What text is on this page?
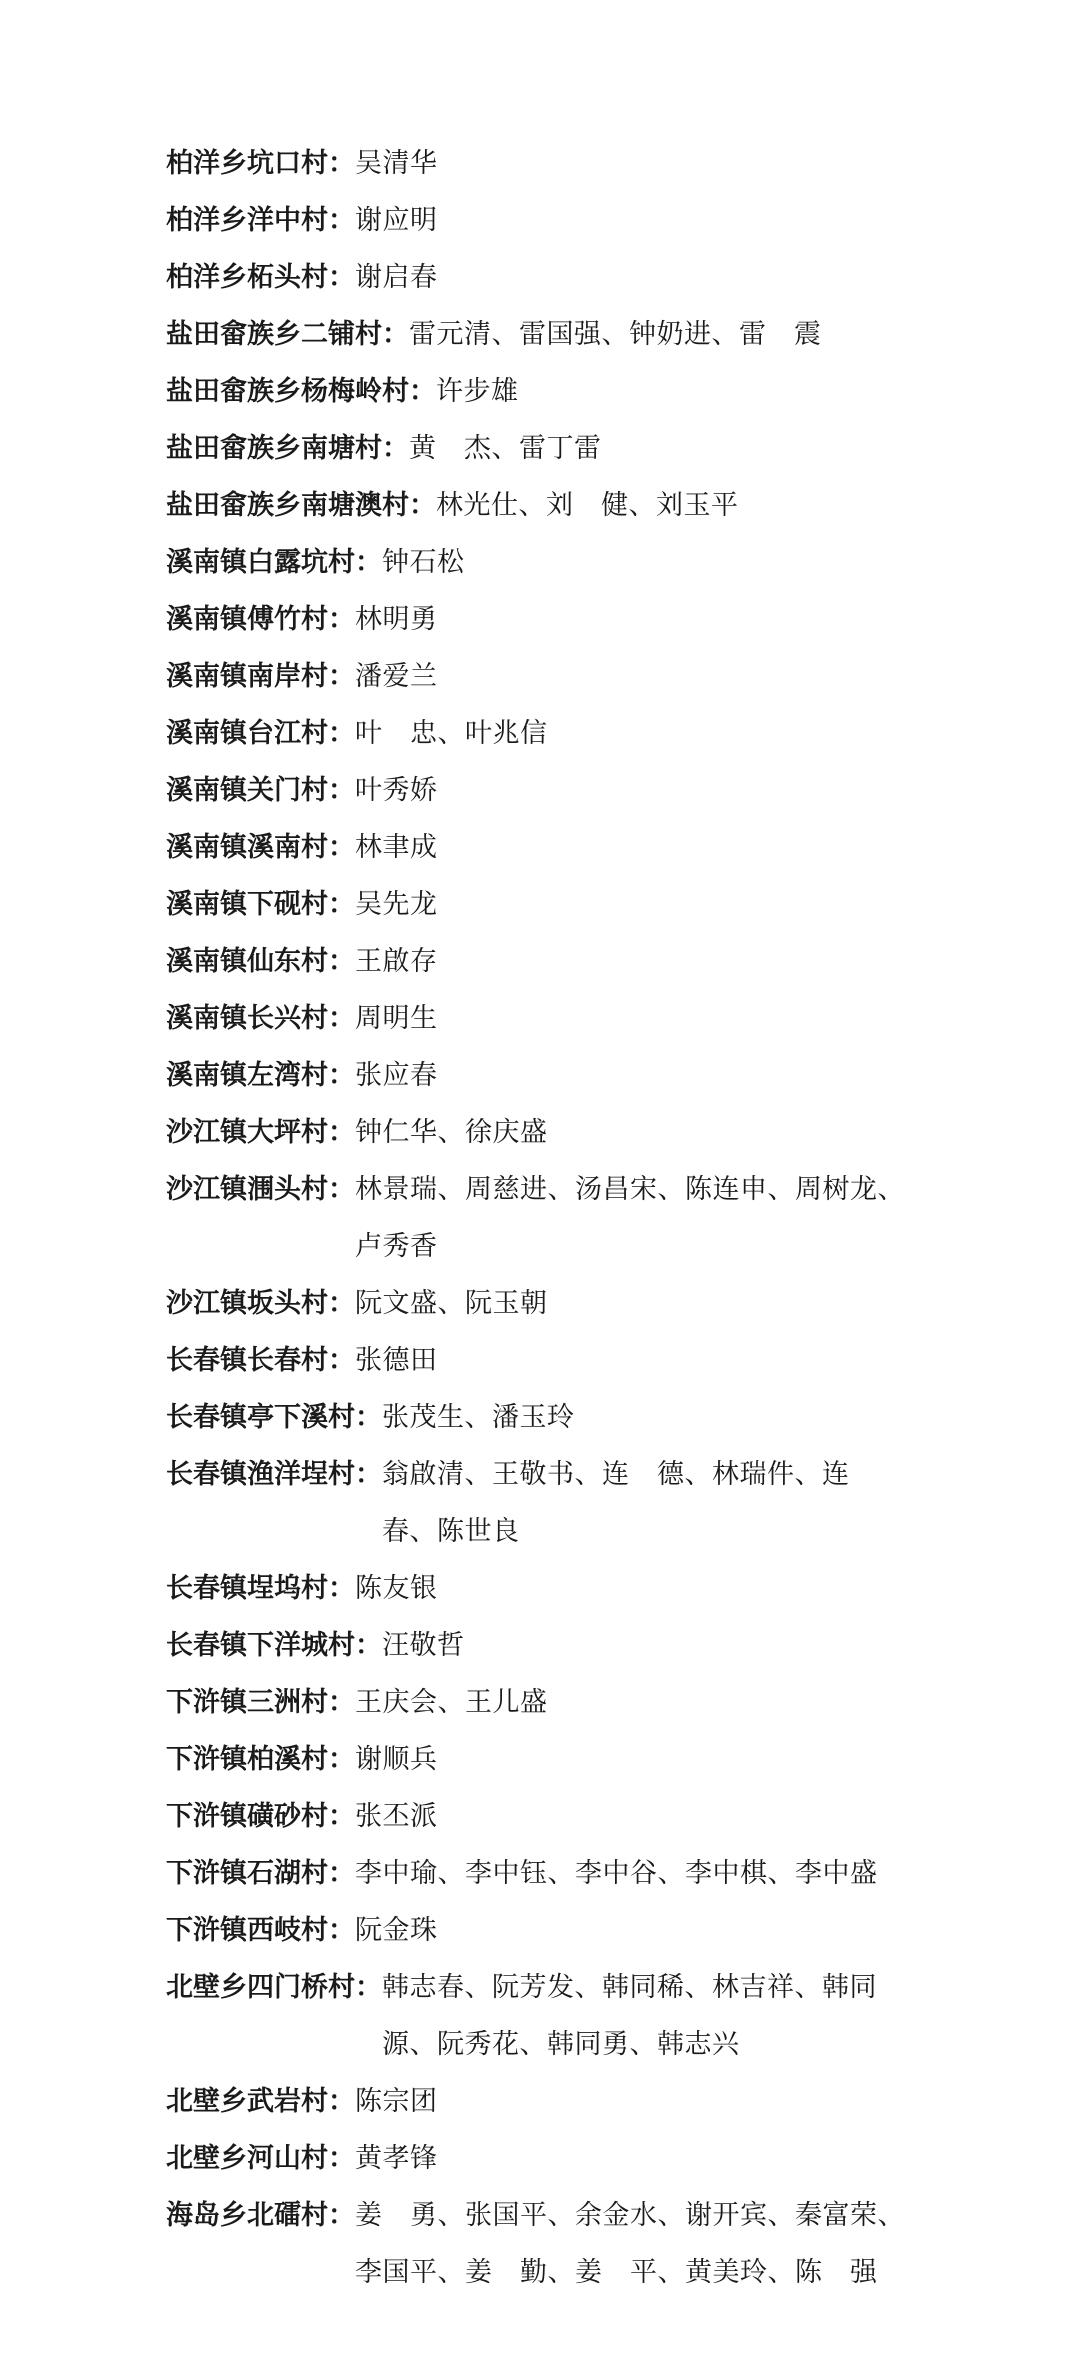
柏洋乡坑口村： 吴清华
柏洋乡洋中村： 谢应明
柏洋乡柘头村： 谢启春
盐田畲族乡二铺村： 雷元清、雷国强、钟奶进、雷　震
盐田畲族乡杨梅岭村： 许步雄
盐田畲族乡南塘村： 黄　杰、雷丁雷
盐田畲族乡南塘澳村： 林光仕、刘　健、刘玉平
溪南镇白露坑村： 钟石松
溪南镇傅竹村： 林明勇
溪南镇南岸村： 潘爱兰
溪南镇台江村： 叶　忠、叶兆信
溪南镇关门村： 叶秀娇
溪南镇溪南村： 林聿成
溪南镇下砚村： 吴先龙
溪南镇仙东村： 王啟存
溪南镇长兴村： 周明生
溪南镇左湾村： 张应春
沙江镇大坪村： 钟仁华、徐庆盛
沙江镇涠头村： 林景瑞、周慈进、汤昌宋、陈连申、周树龙、卢秀香
沙江镇坂头村： 阮文盛、阮玉朝
长春镇长春村： 张德田
长春镇亭下溪村： 张茂生、潘玉玲
长春镇渔洋埕村： 翁啟清、王敬书、连　德、林瑞件、连　春、陈世良
长春镇埕坞村： 陈友银
长春镇下洋城村： 汪敬哲
下浒镇三洲村： 王庆会、王儿盛
下浒镇柏溪村： 谢顺兵
下浒镇磺砂村： 张丕派
下浒镇石湖村： 李中瑜、李中钰、李中谷、李中棋、李中盛
下浒镇西岐村： 阮金珠
北壁乡四门桥村： 韩志春、阮芳发、韩同稀、林吉祥、韩同源、阮秀花、韩同勇、韩志兴
北壁乡武岩村： 陈宗团
北壁乡河山村： 黄孝锋
海岛乡北礌村： 姜　勇、张国平、余金水、谢开宾、秦富荣、李国平、姜　勤、姜　平、黄美玲、陈　强
